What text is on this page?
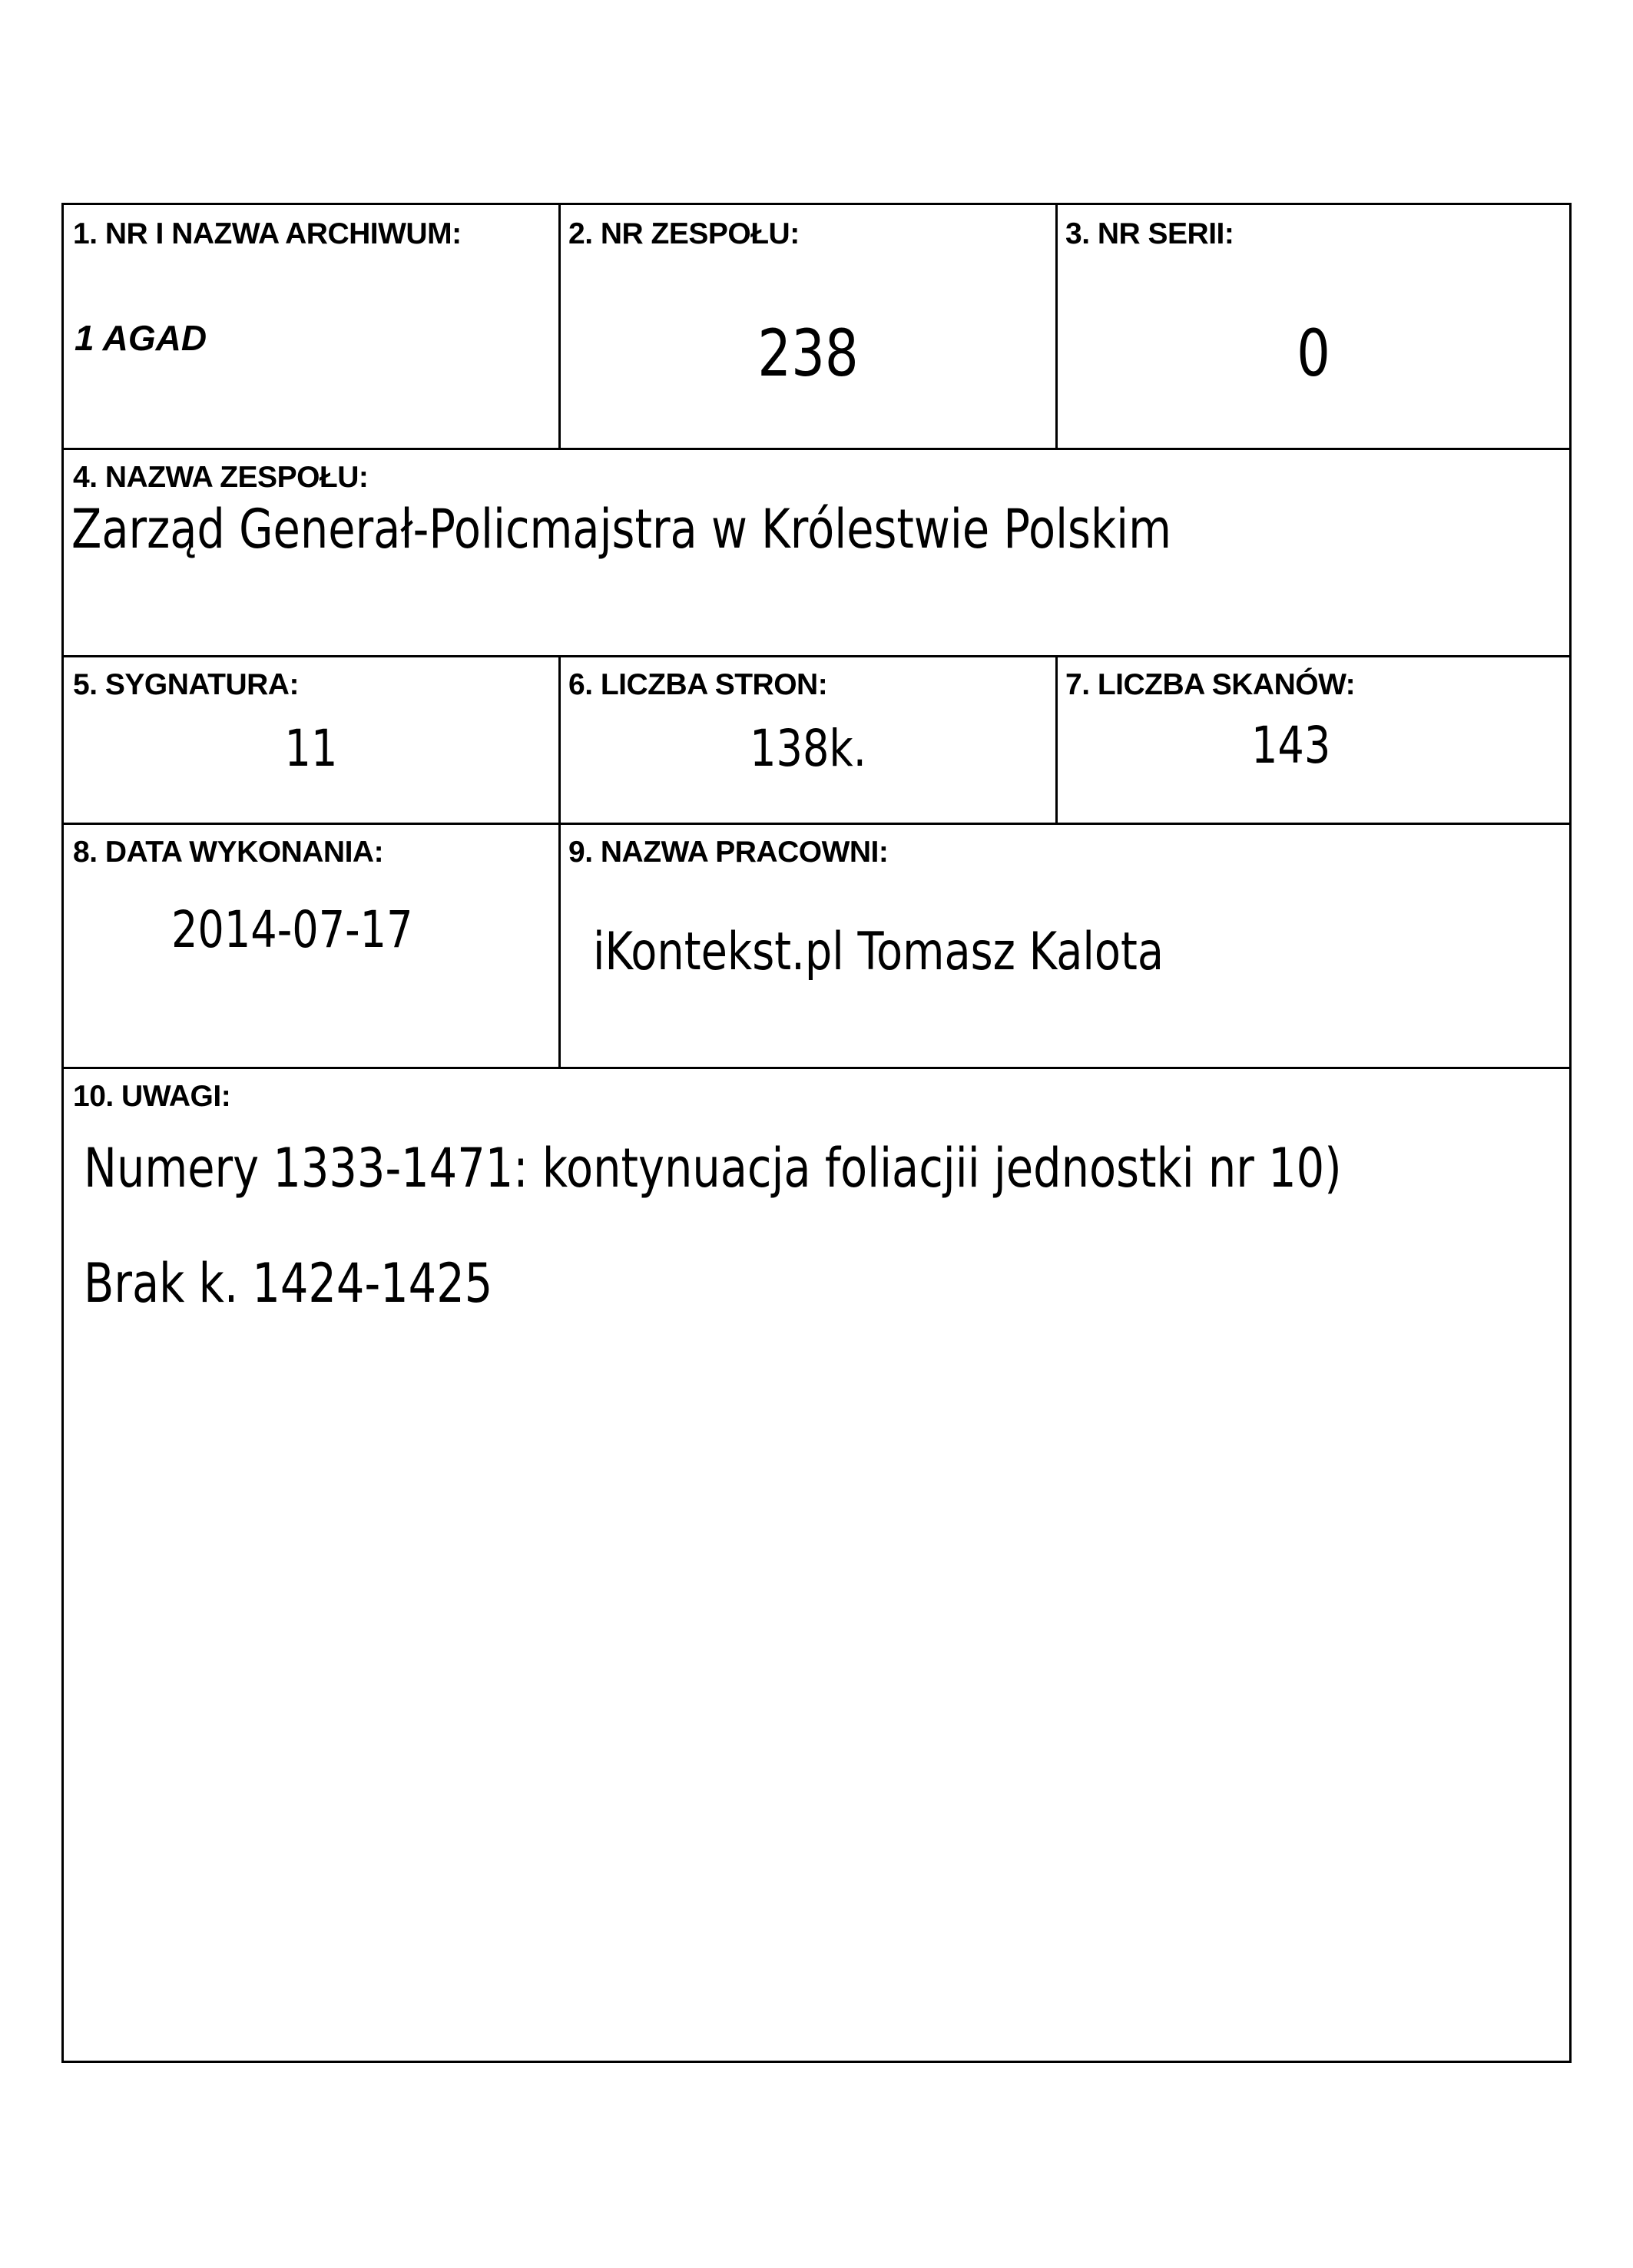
1. NR I NAZWA ARCHIWUM:
1 AGAD
2. NR ZESPOŁU:
238
3. NR SERII:
0
4. NAZWA ZESPOŁU:
Zarząd Generał-Policmajstra w Królestwie Polskim
5. SYGNATURA:
11
6. LICZBA STRON:
138k.
7. LICZBA SKANÓW:
143
8. DATA WYKONANIA:
2014-07-17
9. NAZWA PRACOWNI:
iKontekst.pl Tomasz Kalota
10. UWAGI:
Numery 1333-1471: kontynuacja foliacjii jednostki nr 10)
Brak k. 1424-1425
